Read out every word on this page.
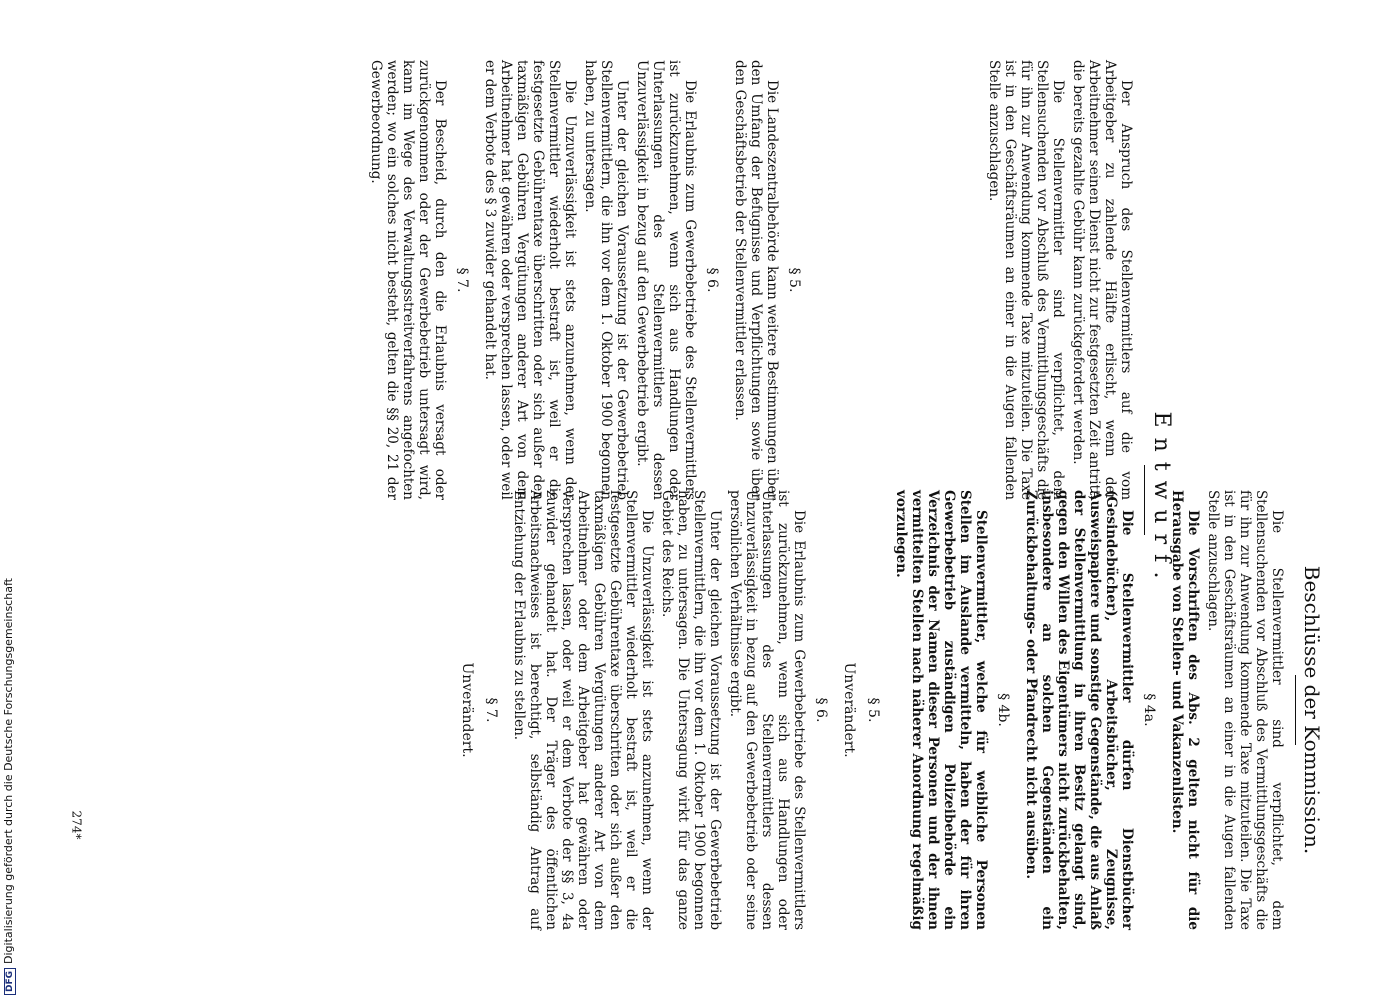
DFGDigitalisierung gefördert durch die Deutsche Forschungsgemeinschaft
Entwurf.

Der Anspruch des Stellenvermittlers auf die vom Arbeitgeber zu zahlende Hälfte erlischt, wenn der Arbeitnehmer seinen Dienst nicht zur festgesetzten Zeit antritt; die bereits gezahlte Gebühr kann zurückgefordert werden.

Die Stellenvermittler sind verpflichtet, dem Stellensuchenden vor Abschluß des Vermittlungsgeschäfts die für ihn zur Anwendung kommende Taxe mitzuteilen. Die Taxe ist in den Geschäftsräumen an einer in die Augen fallenden Stelle anzuschlagen.

§ 5.

Die Landeszentralbehörde kann weitere Bestimmungen über den Umfang der Befugnisse und Verpflichtungen sowie über den Geschäftsbetrieb der Stellenvermittler erlassen.

§ 6.

Die Erlaubnis zum Gewerbebetriebe des Stellenvermittlers ist zurückzunehmen, wenn sich aus Handlungen oder Unterlassungen des Stellenvermittlers dessen Unzuverlässigkeit in bezug auf den Gewerbebetrieb ergibt.

Unter der gleichen Voraussetzung ist der Gewerbebetrieb Stellenvermittlern, die ihn vor dem 1. Oktober 1900 begonnen haben, zu untersagen.

Die Unzuverlässigkeit ist stets anzunehmen, wenn der Stellenvermittler wiederholt bestraft ist, weil er die festgesetzte Gebührentaxe überschritten oder sich außer den taxmäßigen Gebühren Vergütungen anderer Art von dem Arbeitnehmer hat gewähren oder versprechen lassen, oder weil er dem Verbote des § 3 zuwider gehandelt hat.

§ 7.

Der Bescheid, durch den die Erlaubnis versagt oder zurückgenommen oder der Gewerbebetrieb untersagt wird, kann im Wege des Verwaltungsstreitverfahrens angefochten werden; wo ein solches nicht besteht, gelten die §§ 20, 21 der Gewerbeordnung.

Beschlüsse der Kommission.

Die Stellenvermittler sind verpflichtet, dem Stellensuchenden vor Abschluß des Vermittlungsgeschäfts die für ihn zur Anwendung kommende Taxe mitzuteilen. Die Taxe ist in den Geschäftsräumen an einer in die Augen fallenden Stelle anzuschlagen.

Die Vorschriften des Abs. 2 gelten nicht für die Herausgabe von Stellen- und Vakanzenlisten.

§ 4a.

Die Stellenvermittler dürfen Dienstbücher (Gesindebücher), Arbeitsbücher, Zeugnisse, Ausweispapiere und sonstige Gegenstände, die aus Anlaß der Stellenvermittlung in ihren Besitz gelangt sind, gegen den Willen des Eigentümers nicht zurückbehalten, insbesondere an solchen Gegenständen ein Zurückbehaltungs- oder Pfandrecht nicht ausüben.

§ 4b.

Stellenvermittler, welche für weibliche Personen Stellen im Auslande vermitteln, haben der für ihren Gewerbebetrieb zuständigen Polizeibehörde ein Verzeichnis der Namen dieser Personen und der ihnen vermittelten Stellen nach näherer Anordnung regelmäßig vorzulegen.

§ 5.
Unverändert.
§ 6.

Die Erlaubnis zum Gewerbebetriebe des Stellenvermittlers ist zurückzunehmen, wenn sich aus Handlungen oder Unterlassungen des Stellenvermittlers dessen Unzuverlässigkeit in bezug auf den Gewerbebetrieb oder seine persönlichen Verhältnisse ergibt.

Unter der gleichen Voraussetzung ist der Gewerbebetrieb Stellenvermittlern, die ihn vor dem 1. Oktober 1900 begonnen haben, zu untersagen. Die Untersagung wirkt für das ganze Gebiet des Reichs.

Die Unzuverlässigkeit ist stets anzunehmen, wenn der Stellenvermittler wiederholt bestraft ist, weil er die festgesetzte Gebührentaxe überschritten oder sich außer den taxmäßigen Gebühren Vergütungen anderer Art von dem Arbeitnehmer oder dem Arbeitgeber hat gewähren oder versprechen lassen, oder weil er dem Verbote der §§ 3, 4a zuwider gehandelt hat. Der Träger des öffentlichen Arbeitsnachweises ist berechtigt, selbständig Antrag auf Entziehung der Erlaubnis zu stellen.

§ 7.
Unverändert.
274*
